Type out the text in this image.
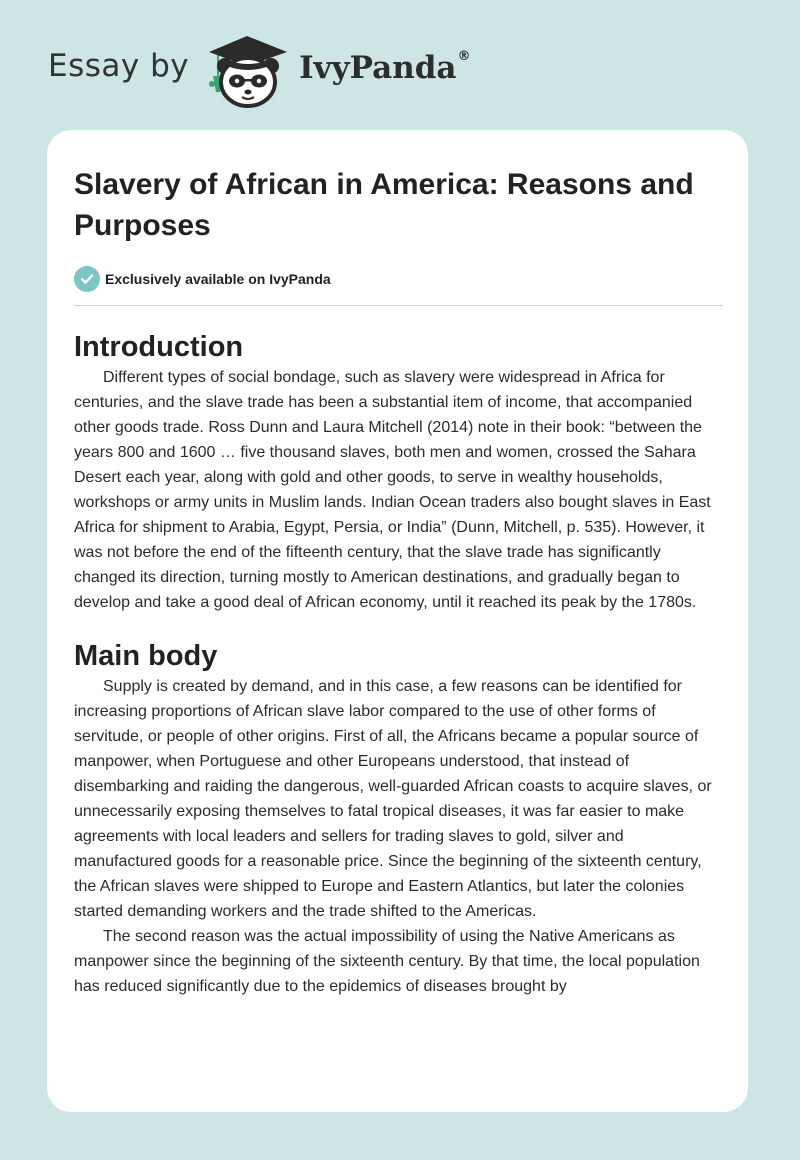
Essay by	IvyPanda®
Slavery of African in America: Reasons and Purposes
Exclusively available on IvyPanda
Introduction

Different types of social bondage, such as slavery were widespread in Africa for centuries, and the slave trade has been a substantial item of income, that accompanied other goods trade. Ross Dunn and Laura Mitchell (2014) note in their book: “between the years 800 and 1600 … five thousand slaves, both men and women, crossed the Sahara Desert each year, along with gold and other goods, to serve in wealthy households, workshops or army units in Muslim lands. Indian Ocean traders also bought slaves in East Africa for shipment to Arabia, Egypt, Persia, or India” (Dunn, Mitchell, p. 535). However, it was not before the end of the fifteenth century, that the slave trade has significantly changed its direction, turning mostly to American destinations, and gradually began to develop and take a good deal of African economy, until it reached its peak by the 1780s.

Main body

Supply is created by demand, and in this case, a few reasons can be identified for increasing proportions of African slave labor compared to the use of other forms of servitude, or people of other origins. First of all, the Africans became a popular source of manpower, when Portuguese and other Europeans understood, that instead of disembarking and raiding the dangerous, well-guarded African coasts to acquire slaves, or unnecessarily exposing themselves to fatal tropical diseases, it was far easier to make agreements with local leaders and sellers for trading slaves to gold, silver and manufactured goods for a reasonable price. Since the beginning of the sixteenth century, the African slaves were shipped to Europe and Eastern Atlantics, but later the colonies started demanding workers and the trade shifted to the Americas.

The second reason was the actual impossibility of using the Native Americans as manpower since the beginning of the sixteenth century. By that time, the local population has reduced significantly due to the epidemics of diseases brought by
